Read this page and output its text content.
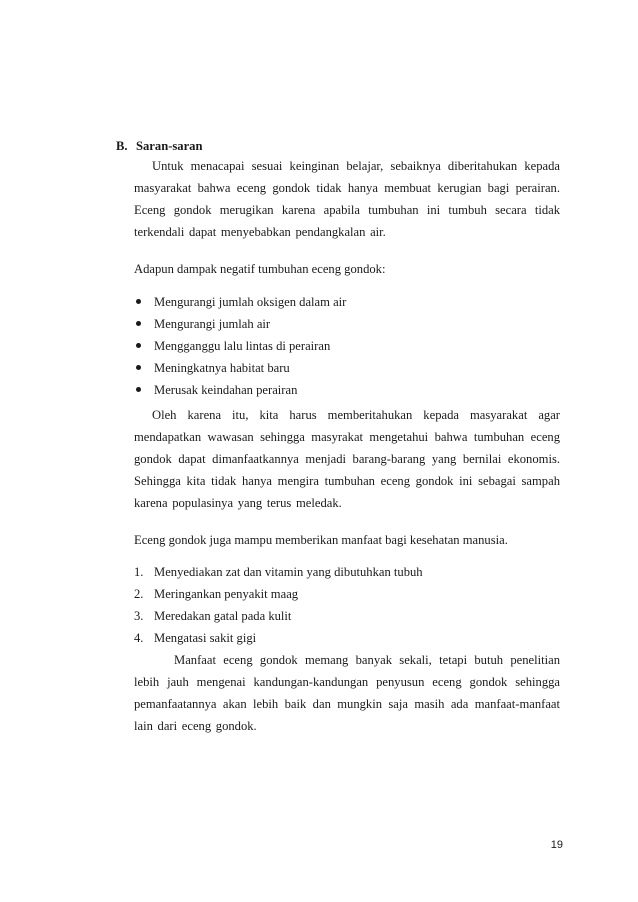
B. Saran-saran
Untuk menacapai sesuai keinginan belajar, sebaiknya diberitahukan kepada masyarakat bahwa eceng gondok tidak hanya membuat kerugian bagi perairan. Eceng gondok merugikan karena apabila tumbuhan ini tumbuh secara tidak terkendali dapat menyebabkan pendangkalan air.
Adapun dampak negatif tumbuhan eceng gondok:
Mengurangi jumlah oksigen dalam air
Mengurangi jumlah air
Mengganggu lalu lintas di perairan
Meningkatnya habitat baru
Merusak keindahan perairan
Oleh karena itu, kita harus memberitahukan kepada masyarakat agar mendapatkan wawasan sehingga masyrakat mengetahui bahwa tumbuhan eceng gondok dapat dimanfaatkannya menjadi barang-barang yang bernilai ekonomis. Sehingga kita tidak hanya mengira tumbuhan eceng gondok ini sebagai sampah karena populasinya yang terus meledak.
Eceng gondok juga mampu memberikan manfaat bagi kesehatan manusia.
1. Menyediakan zat dan vitamin yang dibutuhkan tubuh
2. Meringankan penyakit maag
3. Meredakan gatal pada kulit
4. Mengatasi sakit gigi
Manfaat eceng gondok memang banyak sekali, tetapi butuh penelitian lebih jauh mengenai kandungan-kandungan penyusun eceng gondok sehingga pemanfaatannya akan lebih baik dan mungkin saja masih ada manfaat-manfaat lain dari eceng gondok.
19
